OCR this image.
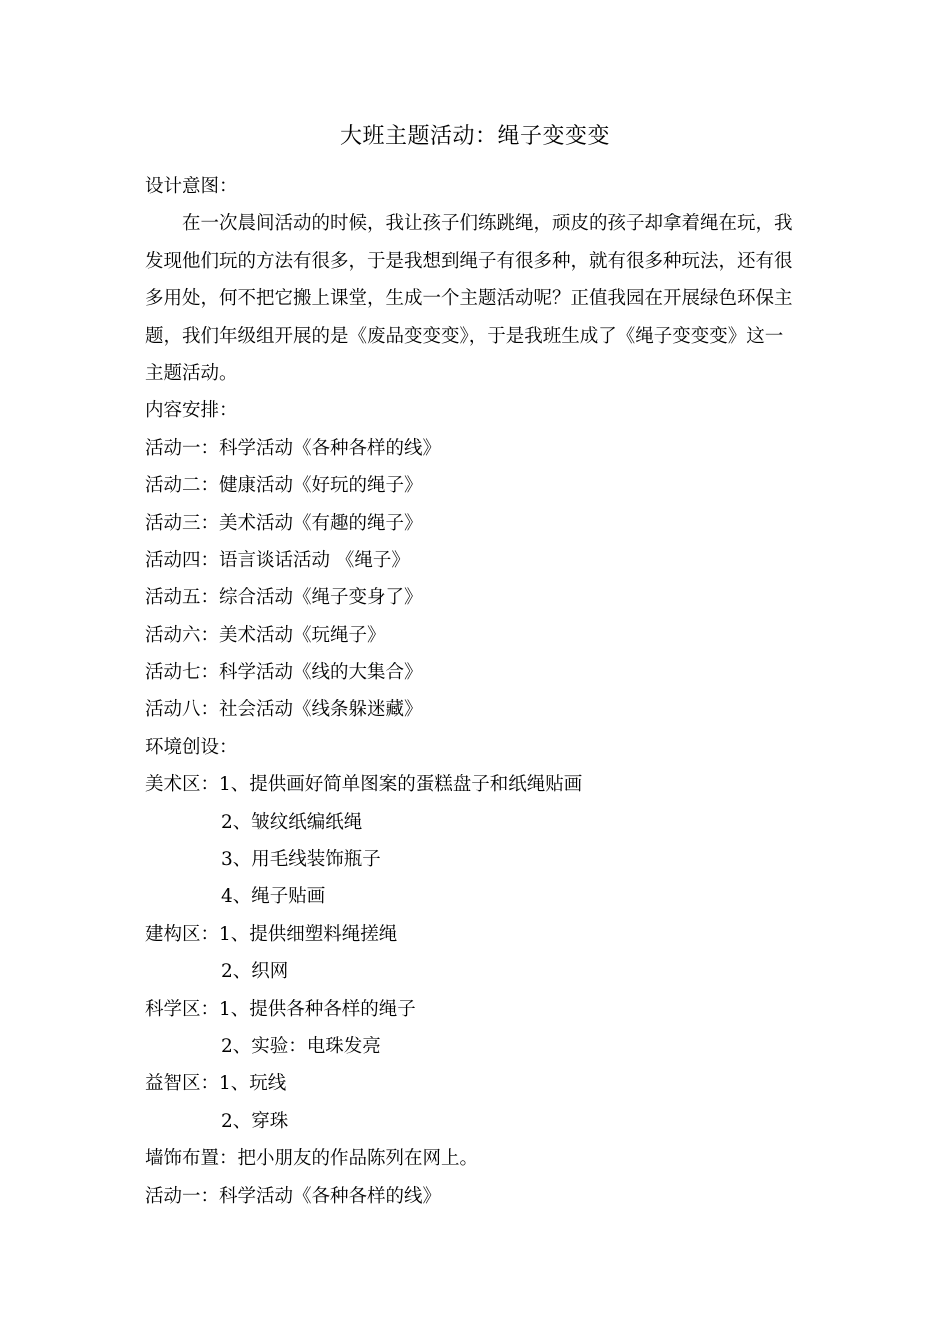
大班主题活动：绳子变变变
设计意图：
在一次晨间活动的时候，我让孩子们练跳绳，顽皮的孩子却拿着绳在玩，我
发现他们玩的方法有很多，于是我想到绳子有很多种，就有很多种玩法，还有很
多用处，何不把它搬上课堂，生成一个主题活动呢？正值我园在开展绿色环保主
题，我们年级组开展的是《废品变变变》，于是我班生成了《绳子变变变》这一
主题活动。
内容安排：
活动一：科学活动《各种各样的线》
活动二：健康活动《好玩的绳子》
活动三：美术活动《有趣的绳子》
活动四：语言谈话活动 《绳子》
活动五：综合活动《绳子变身了》
活动六：美术活动《玩绳子》
活动七：科学活动《线的大集合》
活动八：社会活动《线条躲迷藏》
环境创设：
美术区：1、提供画好简单图案的蛋糕盘子和纸绳贴画
2、皱纹纸编纸绳
3、用毛线装饰瓶子
4、绳子贴画
建构区：1、提供细塑料绳搓绳
2、织网
科学区：1、提供各种各样的绳子
2、实验：电珠发亮
益智区：1、玩线
2、穿珠
墙饰布置：把小朋友的作品陈列在网上。
活动一：科学活动《各种各样的线》
